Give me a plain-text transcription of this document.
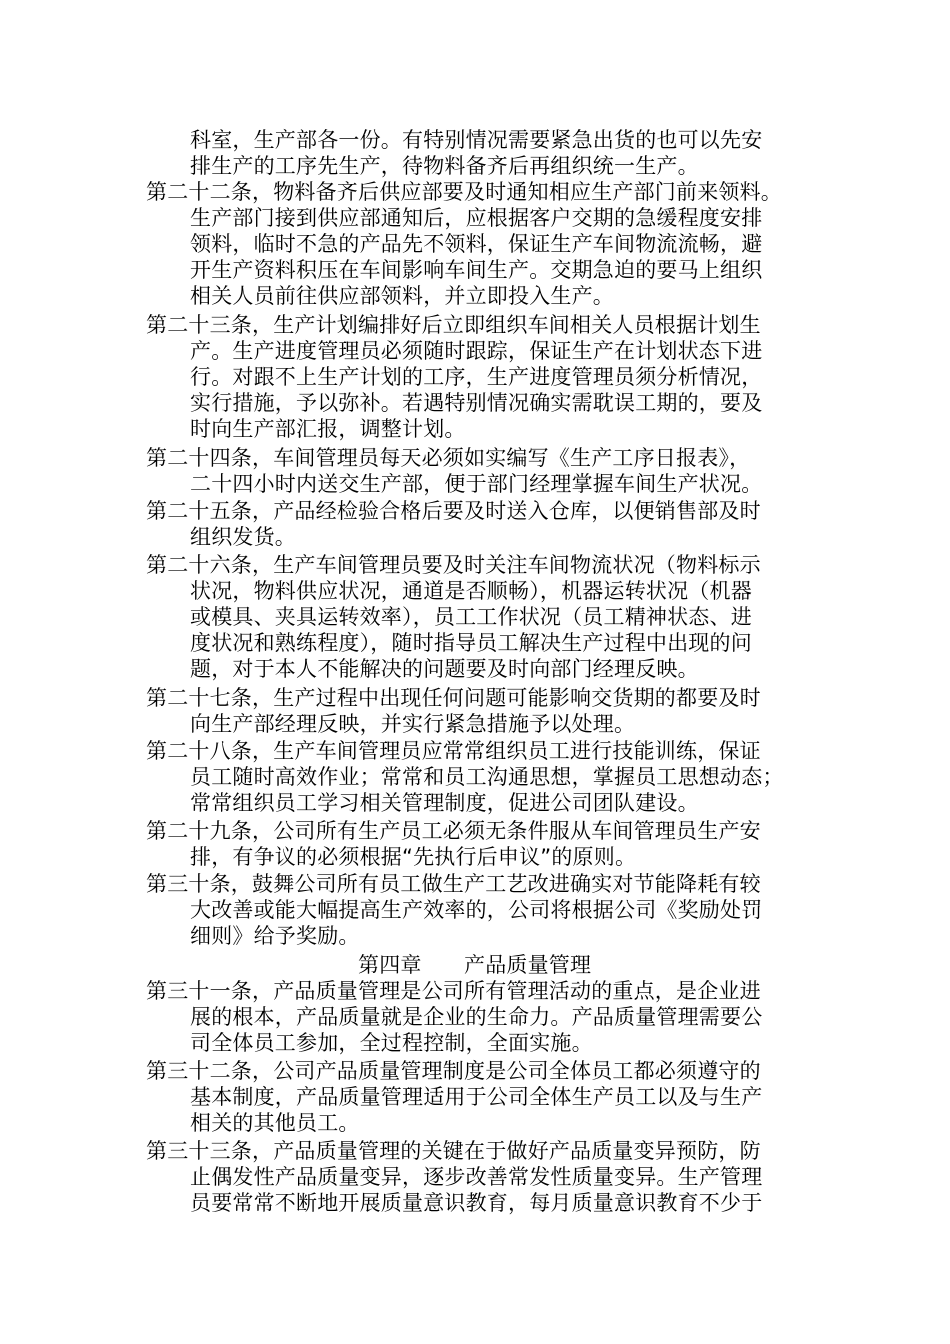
科室，生产部各一份。有特别情况需要紧急出货的也可以先安
排生产的工序先生产，待物料备齐后再组织统一生产。
第二十二条，物料备齐后供应部要及时通知相应生产部门前来领料。
生产部门接到供应部通知后，应根据客户交期的急缓程度安排
领料，临时不急的产品先不领料，保证生产车间物流流畅，避
开生产资料积压在车间影响车间生产。交期急迫的要马上组织
相关人员前往供应部领料，并立即投入生产。
第二十三条，生产计划编排好后立即组织车间相关人员根据计划生
产。生产进度管理员必须随时跟踪，保证生产在计划状态下进
行。对跟不上生产计划的工序，生产进度管理员须分析情况，
实行措施，予以弥补。若遇特别情况确实需耽误工期的，要及
时向生产部汇报，调整计划。
第二十四条，车间管理员每天必须如实编写《生产工序日报表》，
二十四小时内送交生产部，便于部门经理掌握车间生产状况。
第二十五条，产品经检验合格后要及时送入仓库，以便销售部及时
组织发货。
第二十六条，生产车间管理员要及时关注车间物流状况（物料标示
状况，物料供应状况，通道是否顺畅），机器运转状况（机器
或模具、夹具运转效率），员工工作状况（员工精神状态、进
度状况和熟练程度），随时指导员工解决生产过程中出现的问
题，对于本人不能解决的问题要及时向部门经理反映。
第二十七条，生产过程中出现任何问题可能影响交货期的都要及时
向生产部经理反映，并实行紧急措施予以处理。
第二十八条，生产车间管理员应常常组织员工进行技能训练，保证
员工随时高效作业；常常和员工沟通思想，掌握员工思想动态；
常常组织员工学习相关管理制度，促进公司团队建设。
第二十九条，公司所有生产员工必须无条件服从车间管理员生产安
排，有争议的必须根据“先执行后申议”的原则。
第三十条，鼓舞公司所有员工做生产工艺改进确实对节能降耗有较
大改善或能大幅提高生产效率的，公司将根据公司《奖励处罚
细则》给予奖励。
第四章　　产品质量管理
第三十一条，产品质量管理是公司所有管理活动的重点，是企业进
展的根本，产品质量就是企业的生命力。产品质量管理需要公
司全体员工参加，全过程控制，全面实施。
第三十二条，公司产品质量管理制度是公司全体员工都必须遵守的
基本制度，产品质量管理适用于公司全体生产员工以及与生产
相关的其他员工。
第三十三条，产品质量管理的关键在于做好产品质量变异预防，防
止偶发性产品质量变异，逐步改善常发性质量变异。生产管理
员要常常不断地开展质量意识教育，每月质量意识教育不少于
